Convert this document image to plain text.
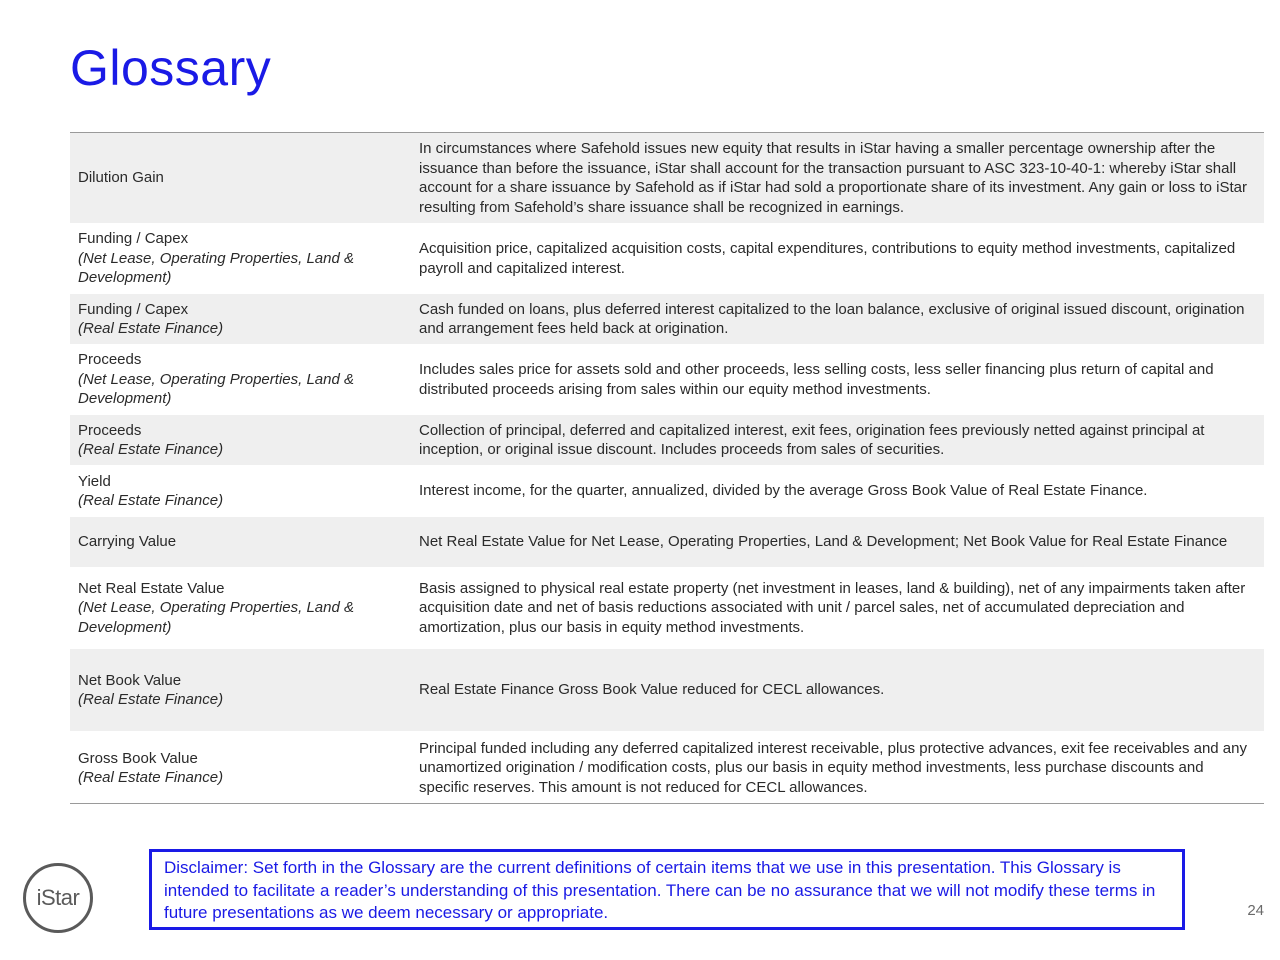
Glossary
Dilution Gain
In circumstances where Safehold issues new equity that results in iStar having a smaller percentage ownership after the issuance than before the issuance, iStar shall account for the transaction pursuant to ASC 323-10-40-1: whereby iStar shall account for a share issuance by Safehold as if iStar had sold a proportionate share of its investment. Any gain or loss to iStar resulting from Safehold’s share issuance shall be recognized in earnings.
Funding / Capex
(Net Lease, Operating Properties, Land & Development)
Acquisition price, capitalized acquisition costs, capital expenditures, contributions to equity method investments, capitalized payroll and capitalized interest.
Funding / Capex
(Real Estate Finance)
Cash funded on loans, plus deferred interest capitalized to the loan balance, exclusive of original issued discount, origination and arrangement fees held back at origination.
Proceeds
(Net Lease, Operating Properties, Land & Development)
Includes sales price for assets sold and other proceeds, less selling costs, less seller financing plus return of capital and distributed proceeds arising from sales within our equity method investments.
Proceeds
(Real Estate Finance)
Collection of principal, deferred and capitalized interest, exit fees, origination fees previously netted against principal at inception, or original issue discount. Includes proceeds from sales of securities.
Yield
(Real Estate Finance)
Interest income, for the quarter, annualized, divided by the average Gross Book Value of Real Estate Finance.
Carrying Value	Net Real Estate Value for Net Lease, Operating Properties, Land & Development; Net Book Value for Real Estate Finance
Net Real Estate Value
(Net Lease, Operating Properties, Land & Development)
Basis assigned to physical real estate property (net investment in leases, land & building), net of any impairments taken after acquisition date and net of basis reductions associated with unit / parcel sales, net of accumulated depreciation and amortization, plus our basis in equity method investments.
Net Book Value
(Real Estate Finance)
Real Estate Finance Gross Book Value reduced for CECL allowances.
Gross Book Value
(Real Estate Finance)
Principal funded including any deferred capitalized interest receivable, plus protective advances, exit fee receivables and any unamortized origination / modification costs, plus our basis in equity method investments, less purchase discounts and specific reserves. This amount is not reduced for CECL allowances.
iStar
Disclaimer: Set forth in the Glossary are the current definitions of certain items that we use in this presentation. This Glossary is intended to facilitate a reader’s understanding of this presentation. There can be no assurance that we will not modify these terms in future presentations as we deem necessary or appropriate.	24
